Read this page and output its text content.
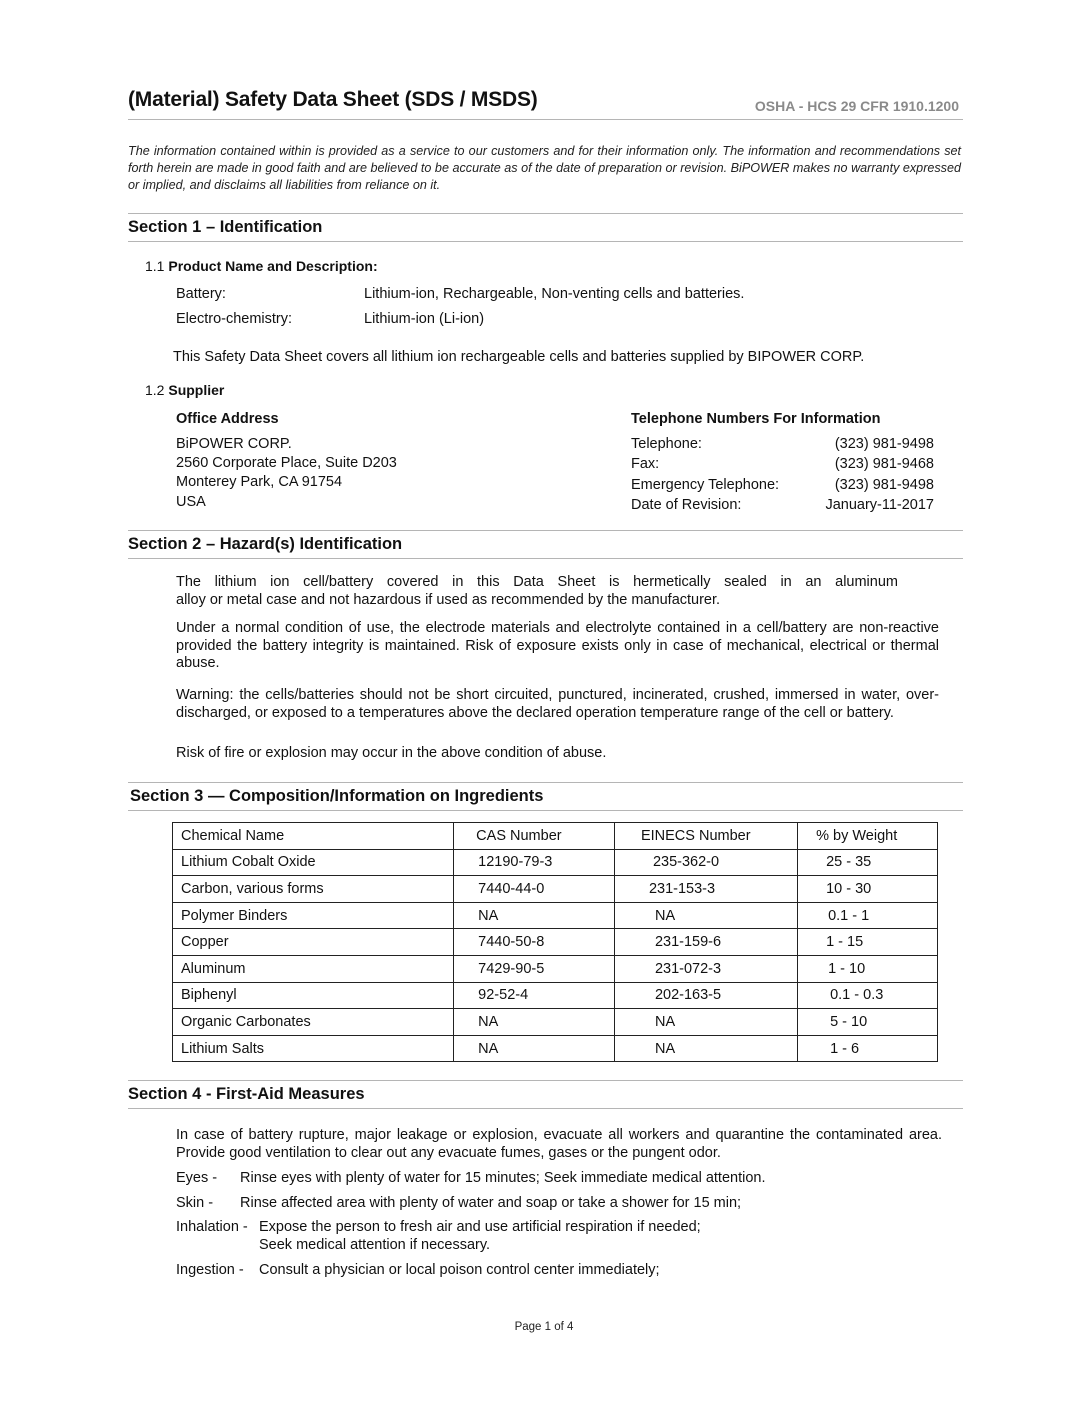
(Material) Safety Data Sheet (SDS / MSDS)	OSHA - HCS 29 CFR 1910.1200
The information contained within is provided as a service to our customers and for their information only. The information and recommendations set forth herein are made in good faith and are believed to be accurate as of the date of preparation or revision. BiPOWER makes no warranty expressed or implied, and disclaims all liabilities from reliance on it.
Section 1 – Identification
1.1 Product Name and Description:
Battery:	Lithium-ion, Rechargeable, Non-venting cells and batteries.
Electro-chemistry:	Lithium-ion (Li-ion)
This Safety Data Sheet covers all lithium ion rechargeable cells and batteries supplied by BIPOWER CORP.
1.2 Supplier
Office Address
BiPOWER CORP.
2560 Corporate Place, Suite D203
Monterey Park, CA 91754
USA
Telephone Numbers For Information
Telephone:	(323) 981-9498
Fax:	(323) 981-9468
Emergency Telephone:	(323) 981-9498
Date of Revision:	January-11-2017
Section 2 – Hazard(s) Identification
The lithium ion cell/battery covered in this Data Sheet is hermetically sealed in an aluminum
alloy or metal case and not hazardous if used as recommended by the manufacturer.
Under a normal condition of use, the electrode materials and electrolyte contained in a cell/battery are non-reactive provided the battery integrity is maintained. Risk of exposure exists only in case of mechanical, electrical or thermal abuse.
Warning: the cells/batteries should not be short circuited, punctured, incinerated, crushed, immersed in water, over-discharged, or exposed to a temperatures above the declared operation temperature range of the cell or battery.
Risk of fire or explosion may occur in the above condition of abuse.
Section 3 — Composition/Information on Ingredients
Chemical Name	CAS Number	EINECS Number	% by Weight
Lithium Cobalt Oxide	12190-79-3	235-362-0	25 - 35
Carbon, various forms	7440-44-0	231-153-3	10 - 30
Polymer Binders	NA	NA	0.1 - 1
Copper	7440-50-8	231-159-6	1 - 15
Aluminum	7429-90-5	231-072-3	1 - 10
Biphenyl	92-52-4	202-163-5	0.1 - 0.3
Organic Carbonates	NA	NA	5 - 10
Lithium Salts	NA	NA	1 - 6
Section 4 - First-Aid Measures
In case of battery rupture, major leakage or explosion, evacuate all workers and quarantine the contaminated area. Provide good ventilation to clear out any evacuate fumes, gases or the pungent odor.
Eyes - Rinse eyes with plenty of water for 15 minutes; Seek immediate medical attention.
Skin - Rinse affected area with plenty of water and soap or take a shower for 15 min;
Inhalation - Expose the person to fresh air and use artificial respiration if needed;
Seek medical attention if necessary.
Ingestion - Consult a physician or local poison control center immediately;
Page 1 of 4
